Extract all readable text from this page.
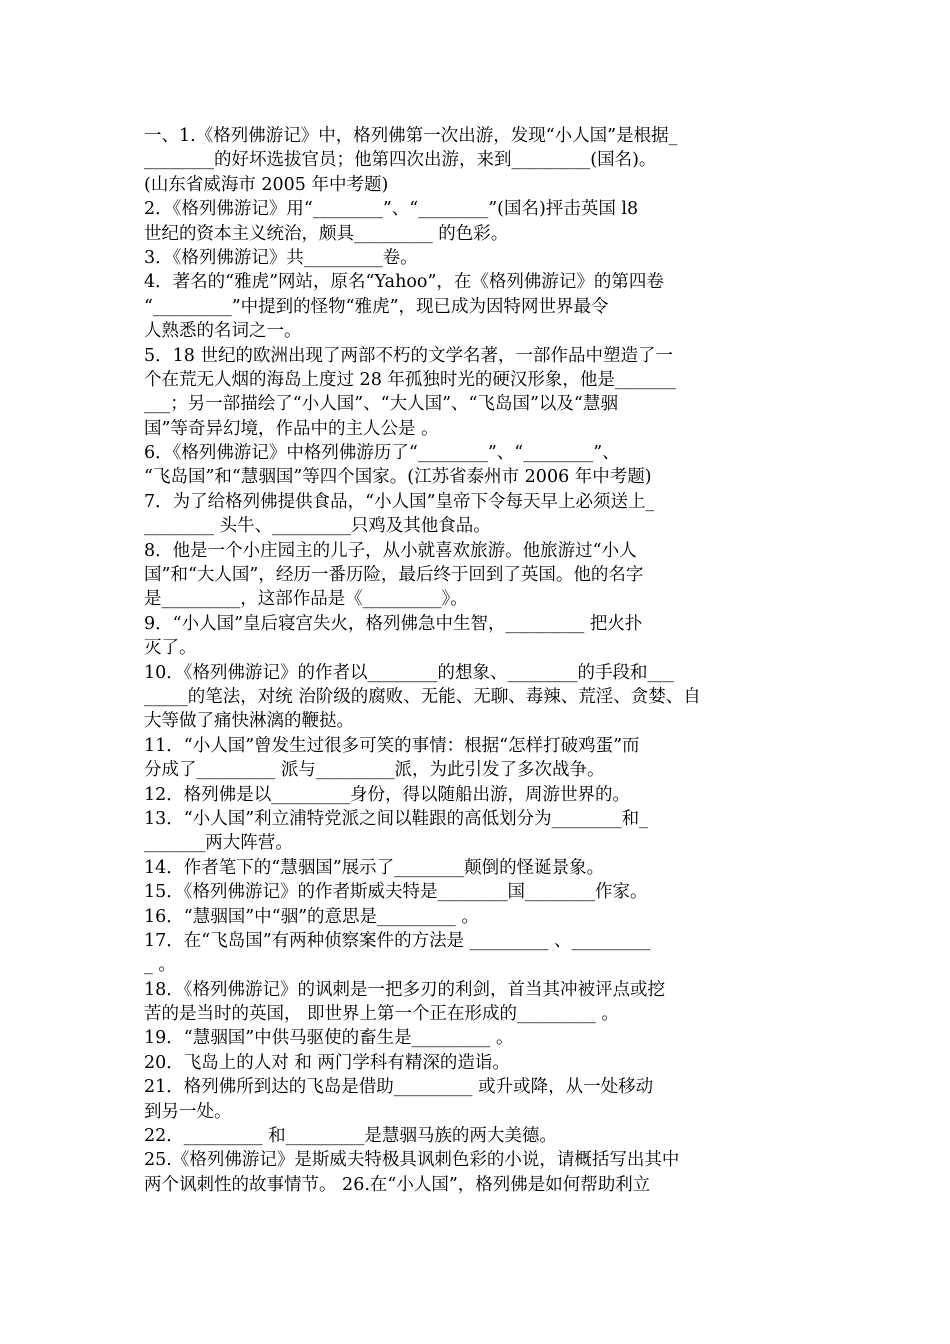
一、1.《格列佛游记》中，格列佛第一次出游，发现“小人国”是根据_
________的好坏选拔官员；他第四次出游，来到_________(国名)。
(山东省威海市 2005 年中考题)
2．《格列佛游记》用“________”、“________”(国名)抨击英国 l8
世纪的资本主义统治，颇具_________ 的色彩。
3．《格列佛游记》共_________卷。
4．著名的“雅虎”网站，原名“Yahoo”，在《格列佛游记》的第四卷
“_________”中提到的怪物“雅虎”，现已成为因特网世界最令
人熟悉的名词之一。
5．18 世纪的欧洲出现了两部不朽的文学名著，一部作品中塑造了一
个在荒无人烟的海岛上度过 28 年孤独时光的硬汉形象，他是_______
___；另一部描绘了“小人国”、“大人国”、“飞岛国”以及“慧骃
国”等奇异幻境，作品中的主人公是 。
6．《格列佛游记》中格列佛游历了“________”、“________”、
“飞岛国”和“慧骃国”等四个国家。(江苏省泰州市 2006 年中考题)
7．为了给格列佛提供食品，“小人国”皇帝下令每天早上必须送上_
________ 头牛、_________只鸡及其他食品。
8．他是一个小庄园主的儿子，从小就喜欢旅游。他旅游过“小人
国”和“大人国”，经历一番历险，最后终于回到了英国。他的名字
是_________，这部作品是《_________》。
9．“小人国”皇后寝宫失火，格列佛急中生智，_________ 把火扑
灭了。
10．《格列佛游记》的作者以________的想象、________的手段和___
_____的笔法，对统 治阶级的腐败、无能、无聊、毒辣、荒淫、贪婪、自
大等做了痛快淋漓的鞭挞。
11．“小人国”曾发生过很多可笑的事情：根据“怎样打破鸡蛋”而
分成了_________ 派与_________派，为此引发了多次战争。
12．格列佛是以_________身份，得以随船出游，周游世界的。
13．“小人国”利立浦特党派之间以鞋跟的高低划分为________和_
_______两大阵营。
14．作者笔下的“慧骃国”展示了________颠倒的怪诞景象。
15．《格列佛游记》的作者斯威夫特是________国________作家。
16．“慧骃国”中“骃”的意思是_________ 。
17．在“飞岛国”有两种侦察案件的方法是 _________ 、_________
_ 。
18．《格列佛游记》的讽刺是一把多刃的利剑，首当其冲被评点或挖
苦的是当时的英国， 即世界上第一个正在形成的_________ 。
19．“慧骃国”中供马驱使的畜生是_________ 。
20．飞岛上的人对 和 两门学科有精深的造诣。
21．格列佛所到达的飞岛是借助_________ 或升或降，从一处移动
到另一处。
22．_________ 和_________是慧骃马族的两大美德。
25.《格列佛游记》是斯威夫特极具讽刺色彩的小说，请概括写出其中
两个讽刺性的故事情节。 26.在“小人国”，格列佛是如何帮助利立
